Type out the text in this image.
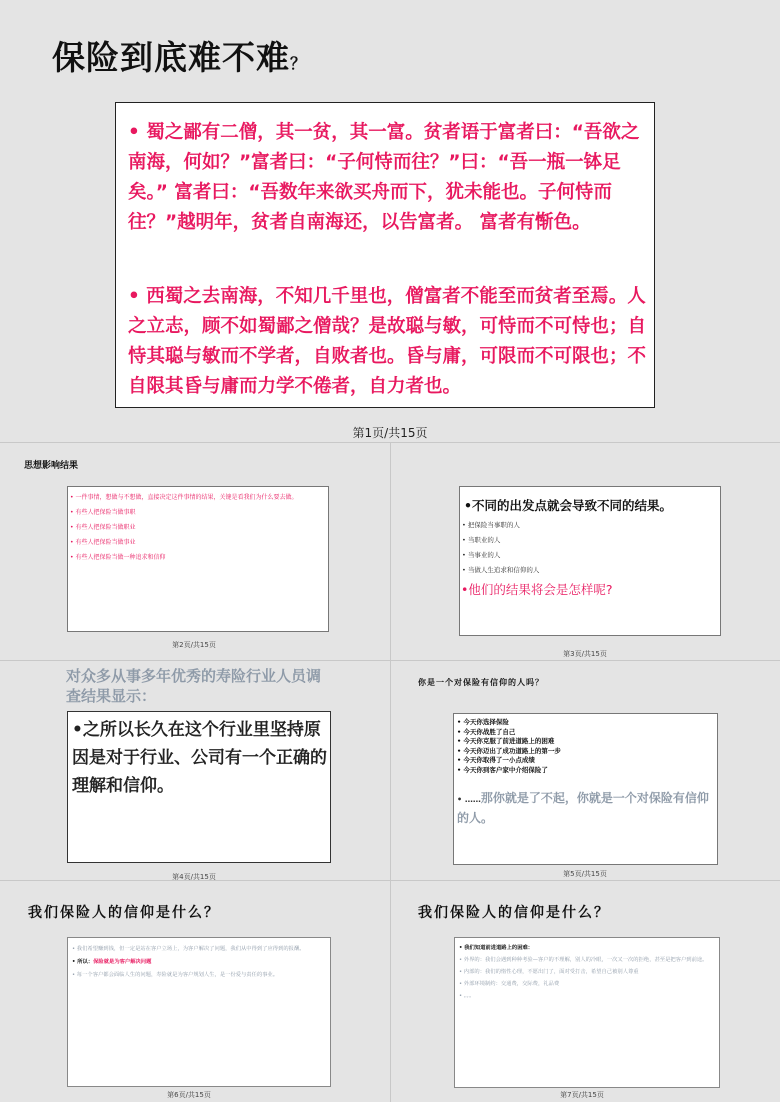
保险到底难不难？
• 蜀之鄙有二僧，其一贫，其一富。贫者语于富者曰：“吾欲之南海，何如？”富者曰：“子何恃而往？”曰：“吾一瓶一钵足矣。” 富者曰：“吾数年来欲买舟而下，犹未能也。子何恃而往？”越明年，贫者自南海还，以告富者。 富者有惭色。
• 西蜀之去南海，不知几千里也，僧富者不能至而贫者至焉。人之立志，顾不如蜀鄙之僧哉？是故聪与敏，可恃而不可恃也；自恃其聪与敏而不学者，自败者也。昏与庸，可限而不可限也；不自限其昏与庸而力学不倦者，自力者也。
第1页/共15页
思想影响结果
• 一件事情，想做与不想做，直接决定这件事情的结果，关键是看我们为什么要去做。
• 有些人把保险当做事职
• 有些人把保险当做职业
• 有些人把保险当做事业
• 有些人把保险当做一种追求和信仰
第2页/共15页
•不同的出发点就会导致不同的结果。
• 把保险当事职的人
• 当职业的人
• 当事业的人
• 当做人生追求和信仰的人
•他们的结果将会是怎样呢?
第3页/共15页
对众多从事多年优秀的寿险行业人员调查结果显示：
•之所以长久在这个行业里坚持原因是对于行业、公司有一个正确的理解和信仰。
第4页/共15页
你是一个对保险有信仰的人吗？
• 今天你选择保险
• 今天你战胜了自己
• 今天你克服了前进道路上的困难
• 今天你迈出了成功道路上的第一步
• 今天你取得了一小点成绩
• 今天你到客户家中介绍保险了
• ……那你就是了不起，你就是一个对保险有信仰的人。
第5页/共15页
我们保险人的信仰是什么？
• 我们希望赚到钱，但一定是站在客户立场上，为客户解决了问题，我们从中得到了应得到的报酬。
• 所以：保险就是为客户解决问题
• 每一个客户都会面临人生的问题，寿险就是为客户规划人生，是一份爱与责任的事业。
第6页/共15页
我们保险人的信仰是什么？
• 我们知道前进道路上的困难：
• 外界的：我们会遇到种种考验—客户的不理解，别人的冷眼，一次又一次的拒绝，甚至是把客户到前途。
• 内部的：我们的惰性心理，不愿出门了，面对受打击，希望自己被别人尊重
• 外部环境制约：交通费，交际费，礼品费
• 。。。
第7页/共15页
